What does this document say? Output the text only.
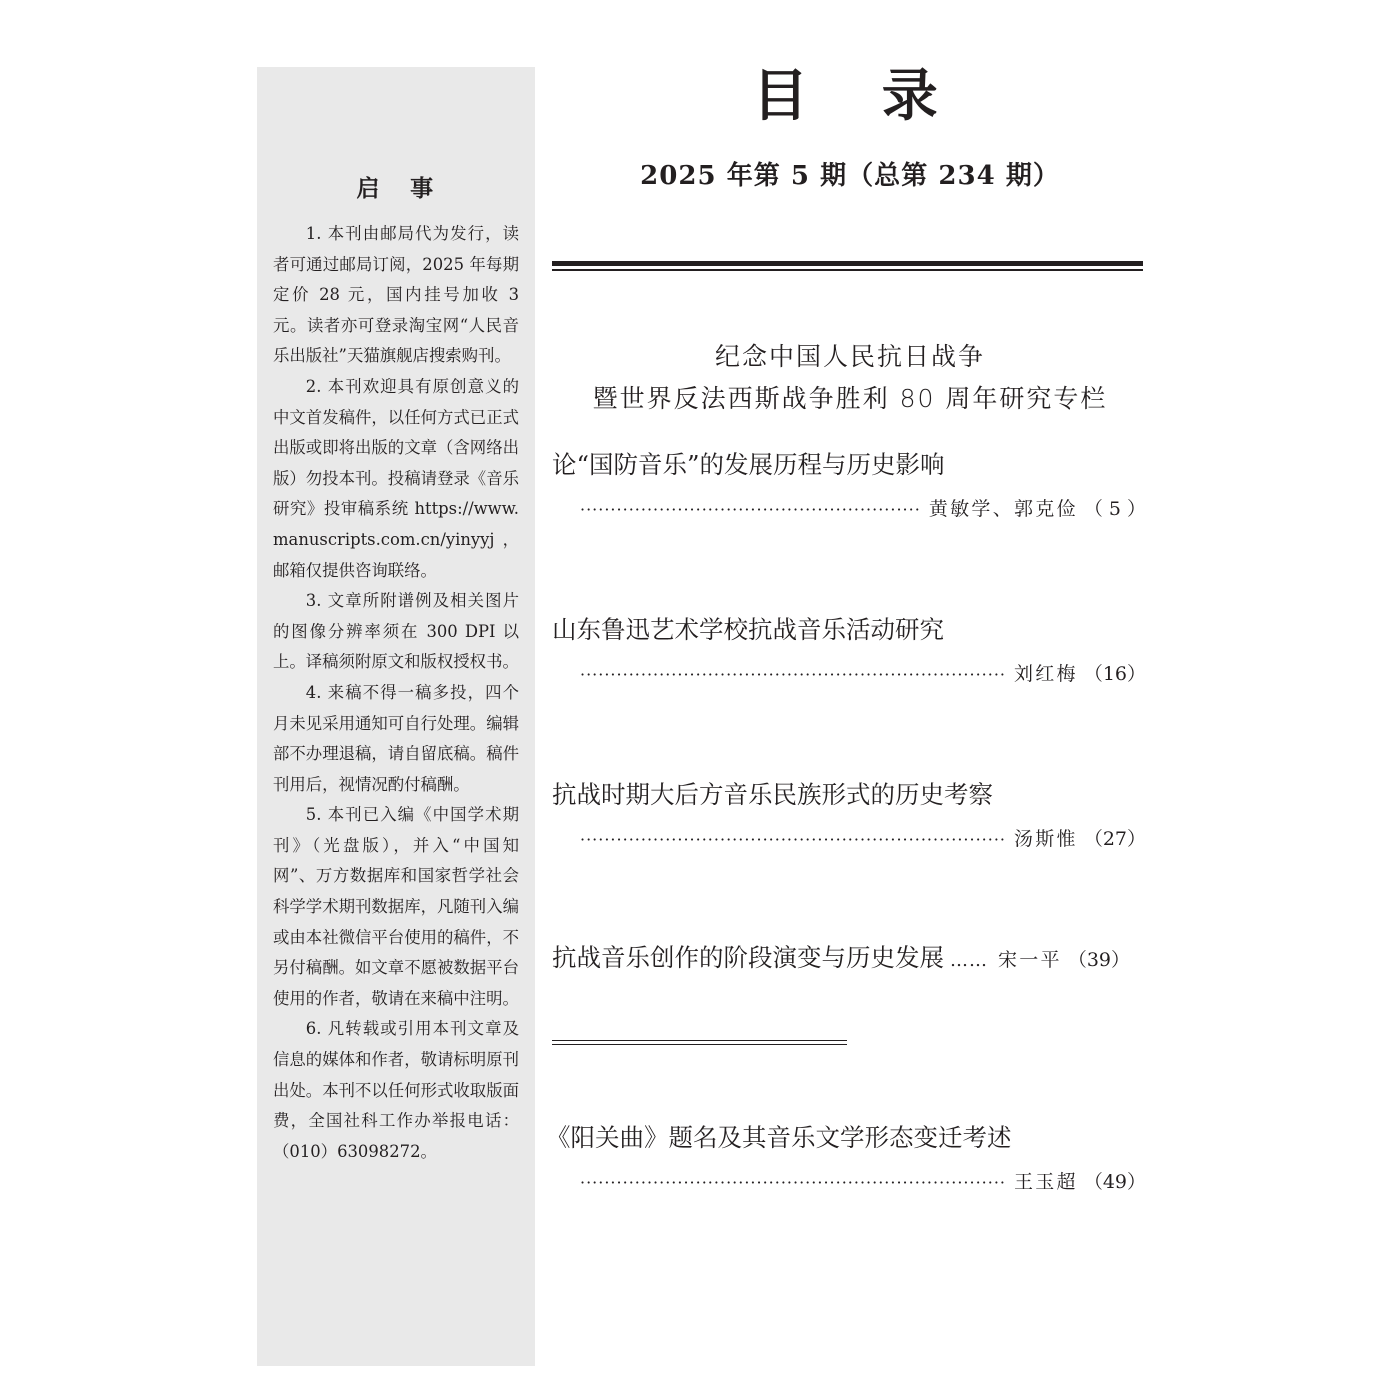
启 事

1. 本刊由邮局代为发行，读者可通过邮局订阅，2025 年每期定价 28 元，国内挂号加收 3 元。读者亦可登录淘宝网“人民音乐出版社”天猫旗舰店搜索购刊。

2. 本刊欢迎具有原创意义的中文首发稿件，以任何方式已正式出版或即将出版的文章（含网络出版）勿投本刊。投稿请登录《音乐研究》投审稿系统 https://www.manuscripts.com.cn/yinyyj，邮箱仅提供咨询联络。

3. 文章所附谱例及相关图片的图像分辨率须在 300 DPI 以上。译稿须附原文和版权授权书。

4. 来稿不得一稿多投，四个月未见采用通知可自行处理。编辑部不办理退稿，请自留底稿。稿件刊用后，视情况酌付稿酬。

5. 本刊已入编《中国学术期刊》（光盘版），并入“中国知网”、万方数据库和国家哲学社会科学学术期刊数据库，凡随刊入编或由本社微信平台使用的稿件，不另付稿酬。如文章不愿被数据平台使用的作者，敬请在来稿中注明。

6. 凡转载或引用本刊文章及信息的媒体和作者，敬请标明原刊出处。本刊不以任何形式收取版面费，全国社科工作办举报电话：（010）63098272。

目 录
2025 年第 5 期（总第 234 期）
纪念中国人民抗日战争
暨世界反法西斯战争胜利 80 周年研究专栏
论“国防音乐”的发展历程与历史影响
·····
黄敏学、郭克俭 （ 5 ）
山东鲁迅艺术学校抗战音乐活动研究
·····
刘红梅 （16）
抗战时期大后方音乐民族形式的历史考察
·····
汤斯惟 （27）
抗战音乐创作的阶段演变与历史发展 …… 宋一平 （39）
《阳关曲》题名及其音乐文学形态变迁考述
·····
王玉超 （49）
